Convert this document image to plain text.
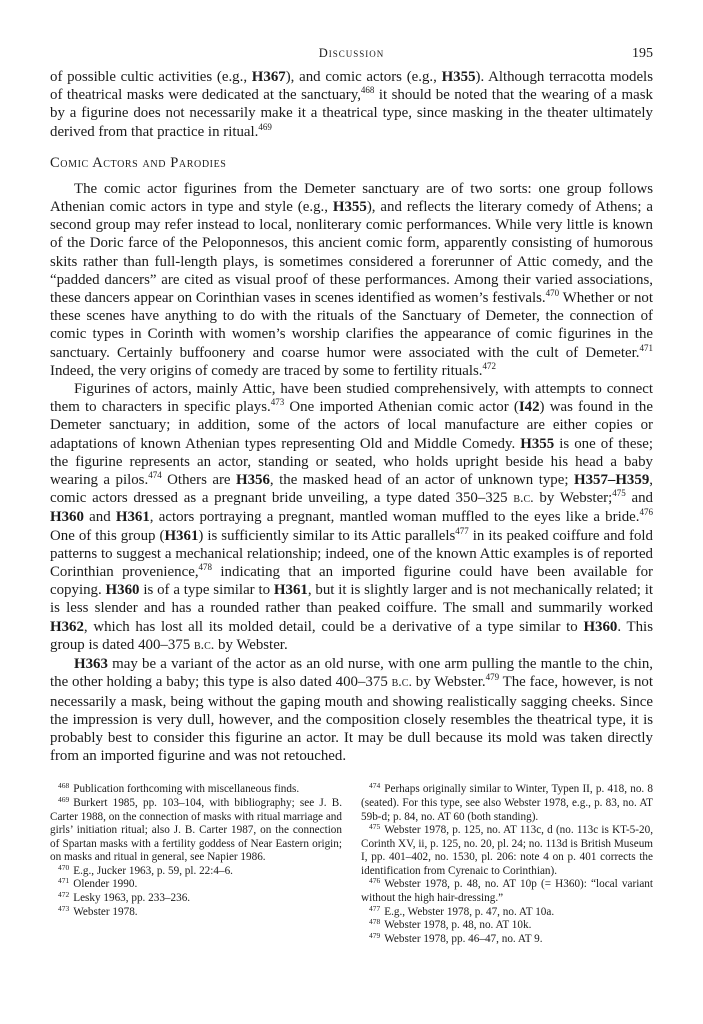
Discussion	195

of possible cultic activities (e.g., H367), and comic actors (e.g., H355). Although terracotta models of theatrical masks were dedicated at the sanctuary,$^{468}$ it should be noted that the wearing of a mask by a figurine does not necessarily make it a theatrical type, since masking in the theater ultimately derived from that practice in ritual.$^{469}$

Comic Actors and Parodies

The comic actor figurines from the Demeter sanctuary are of two sorts: one group follows Athenian comic actors in type and style (e.g., H355), and reflects the literary comedy of Athens; a second group may refer instead to local, nonliterary comic performances. While very little is known of the Doric farce of the Peloponnesos, this ancient comic form, apparently consisting of humorous skits rather than full-length plays, is sometimes considered a forerunner of Attic comedy, and the “padded dancers” are cited as visual proof of these performances. Among their varied associations, these dancers appear on Corinthian vases in scenes identified as women’s festivals.$^{470}$ Whether or not these scenes have anything to do with the rituals of the Sanctuary of Demeter, the connection of comic types in Corinth with women’s worship clarifies the appearance of comic figurines in the sanctuary. Certainly buffoonery and coarse humor were associated with the cult of Demeter.$^{471}$ Indeed, the very origins of comedy are traced by some to fertility rituals.$^{472}$

Figurines of actors, mainly Attic, have been studied comprehensively, with attempts to connect them to characters in specific plays.$^{473}$ One imported Athenian comic actor (I42) was found in the Demeter sanctuary; in addition, some of the actors of local manufacture are either copies or adaptations of known Athenian types representing Old and Middle Comedy. H355 is one of these; the figurine represents an actor, standing or seated, who holds upright beside his head a baby wearing a pilos.$^{474}$ Others are H356, the masked head of an actor of unknown type; H357–H359, comic actors dressed as a pregnant bride unveiling, a type dated 350–325 b.c. by Webster;$^{475}$ and H360 and H361, actors portraying a pregnant, mantled woman muffled to the eyes like a bride.$^{476}$ One of this group (H361) is sufficiently similar to its Attic parallels$^{477}$ in its peaked coiffure and fold patterns to suggest a mechanical relationship; indeed, one of the known Attic examples is of reported Corinthian provenience,$^{478}$ indicating that an imported figurine could have been available for copying. H360 is of a type similar to H361, but it is slightly larger and is not mechanically related; it is less slender and has a rounded rather than peaked coiffure. The small and summarily worked H362, which has lost all its molded detail, could be a derivative of a type similar to H360. This group is dated 400–375 b.c. by Webster.

H363 may be a variant of the actor as an old nurse, with one arm pulling the mantle to the chin, the other holding a baby; this type is also dated 400–375 b.c. by Webster.$^{479}$ The face, however, is not necessarily a mask, being without the gaping mouth and showing realistically sagging cheeks. Since the impression is very dull, however, and the composition closely resembles the theatrical type, it is probably best to consider this figurine an actor. It may be dull because its mold was taken directly from an imported figurine and was not retouched.

$^{468}$ Publication forthcoming with miscellaneous finds.

$^{469}$ Burkert 1985, pp. 103–104, with bibliography; see J. B. Carter 1988, on the connection of masks with ritual marriage and girls’ initiation ritual; also J. B. Carter 1987, on the connection of Spartan masks with a fertility goddess of Near Eastern origin; on masks and ritual in general, see Napier 1986.

$^{470}$ E.g., Jucker 1963, p. 59, pl. 22:4–6.

$^{471}$ Olender 1990.

$^{472}$ Lesky 1963, pp. 233–236.

$^{473}$ Webster 1978.

$^{474}$ Perhaps originally similar to Winter, Typen II, p. 418, no. 8 (seated). For this type, see also Webster 1978, e.g., p. 83, no. AT 59b-d; p. 84, no. AT 60 (both standing).

$^{475}$ Webster 1978, p. 125, no. AT 113c, d (no. 113c is KT-5-20, Corinth XV, ii, p. 125, no. 20, pl. 24; no. 113d is British Museum I, pp. 401–402, no. 1530, pl. 206: note 4 on p. 401 corrects the identification from Cyrenaic to Corinthian).

$^{476}$ Webster 1978, p. 48, no. AT 10p (= H360): “local variant without the high hair-dressing.”

$^{477}$ E.g., Webster 1978, p. 47, no. AT 10a.

$^{478}$ Webster 1978, p. 48, no. AT 10k.

$^{479}$ Webster 1978, pp. 46–47, no. AT 9.
